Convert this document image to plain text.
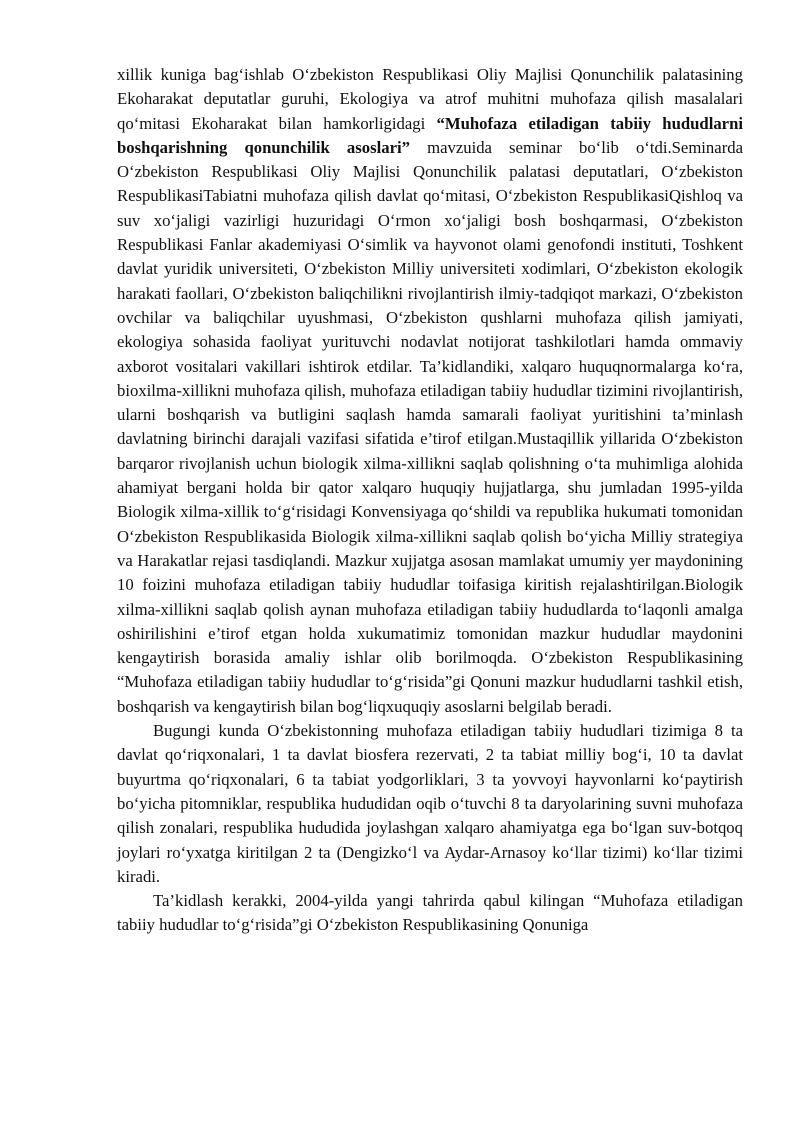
xillik kuniga bag‘ishlab O‘zbekiston Respublikasi Oliy Majlisi Qonunchilik palatasining Ekoharakat deputatlar guruhi, Ekologiya va atrof muhitni muhofaza qilish masalalari qo‘mitasi Ekoharakat bilan hamkorligidagi “Muhofaza etiladigan tabiiy hududlarni boshqarishning qonunchilik asoslari” mavzuida seminar bo‘lib o‘tdi.Seminarda O‘zbekiston Respublikasi Oliy Majlisi Qonunchilik palatasi deputatlari, O‘zbekiston RespublikasiTabiatni muhofaza qilish davlat qo‘mitasi, O‘zbekiston RespublikasiQishloq va suv xo‘jaligi vazirligi huzuridagi O‘rmon xo‘jaligi bosh boshqarmasi, O‘zbekiston Respublikasi Fanlar akademiyasi O‘simlik va hayvonot olami genofondi instituti, Toshkent davlat yuridik universiteti, O‘zbekiston Milliy universiteti xodimlari, O‘zbekiston ekologik harakati faollari, O‘zbekiston baliqchilikni rivojlantirish ilmiy-tadqiqot markazi, O‘zbekiston ovchilar va baliqchilar uyushmasi, O‘zbekiston qushlarni muhofaza qilish jamiyati, ekologiya sohasida faoliyat yurituvchi nodavlat notijorat tashkilotlari hamda ommaviy axborot vositalari vakillari ishtirok etdilar. Ta’kidlandiki, xalqaro huquqnormalarga ko‘ra, bioxilma-xillikni muhofaza qilish, muhofaza etiladigan tabiiy hududlar tizimini rivojlantirish, ularni boshqarish va butligini saqlash hamda samarali faoliyat yuritishini ta’minlash davlatning birinchi darajali vazifasi sifatida e’tirof etilgan.Mustaqillik yillarida O‘zbekiston barqaror rivojlanish uchun biologik xilma-xillikni saqlab qolishning o‘ta muhimliga alohida ahamiyat bergani holda bir qator xalqaro huquqiy hujjatlarga, shu jumladan 1995-yilda Biologik xilma-xillik to‘g‘risidagi Konvensiyaga qo‘shildi va republika hukumati tomonidan O‘zbekiston Respublikasida Biologik xilma-xillikni saqlab qolish bo‘yicha Milliy strategiya va Harakatlar rejasi tasdiqlandi. Mazkur xujjatga asosan mamlakat umumiy yer maydonining 10 foizini muhofaza etiladigan tabiiy hududlar toifasiga kiritish rejalashtirilgan.Biologik xilma-xillikni saqlab qolish aynan muhofaza etiladigan tabiiy hududlarda to‘laqonli amalga oshirilishini e’tirof etgan holda xukumatimiz tomonidan mazkur hududlar maydonini kengaytirish borasida amaliy ishlar olib borilmoqda. O‘zbekiston Respublikasining “Muhofaza etiladigan tabiiy hududlar to‘g‘risida”gi Qonuni mazkur hududlarni tashkil etish, boshqarish va kengaytirish bilan bog‘liqxuquqiy asoslarni belgilab beradi.

Bugungi kunda O‘zbekistonning muhofaza etiladigan tabiiy hududlari tizimiga 8 ta davlat qo‘riqxonalari, 1 ta davlat biosfera rezervati, 2 ta tabiat milliy bog‘i, 10 ta davlat buyurtma qo‘riqxonalari, 6 ta tabiat yodgorliklari, 3 ta yovvoyi hayvonlarni ko‘paytirish bo‘yicha pitomniklar, respublika hududidan oqib o‘tuvchi 8 ta daryolarining suvni muhofaza qilish zonalari, respublika hududida joylashgan xalqaro ahamiyatga ega bo‘lgan suv-botqoq joylari ro‘yxatga kiritilgan 2 ta (Dengizko‘l va Aydar-Arnasoy ko‘llar tizimi) ko‘llar tizimi kiradi.

Ta’kidlash kerakki, 2004-yilda yangi tahrirda qabul kilingan “Muhofaza etiladigan tabiiy hududlar to‘g‘risida”gi O‘zbekiston Respublikasining Qonuniga
